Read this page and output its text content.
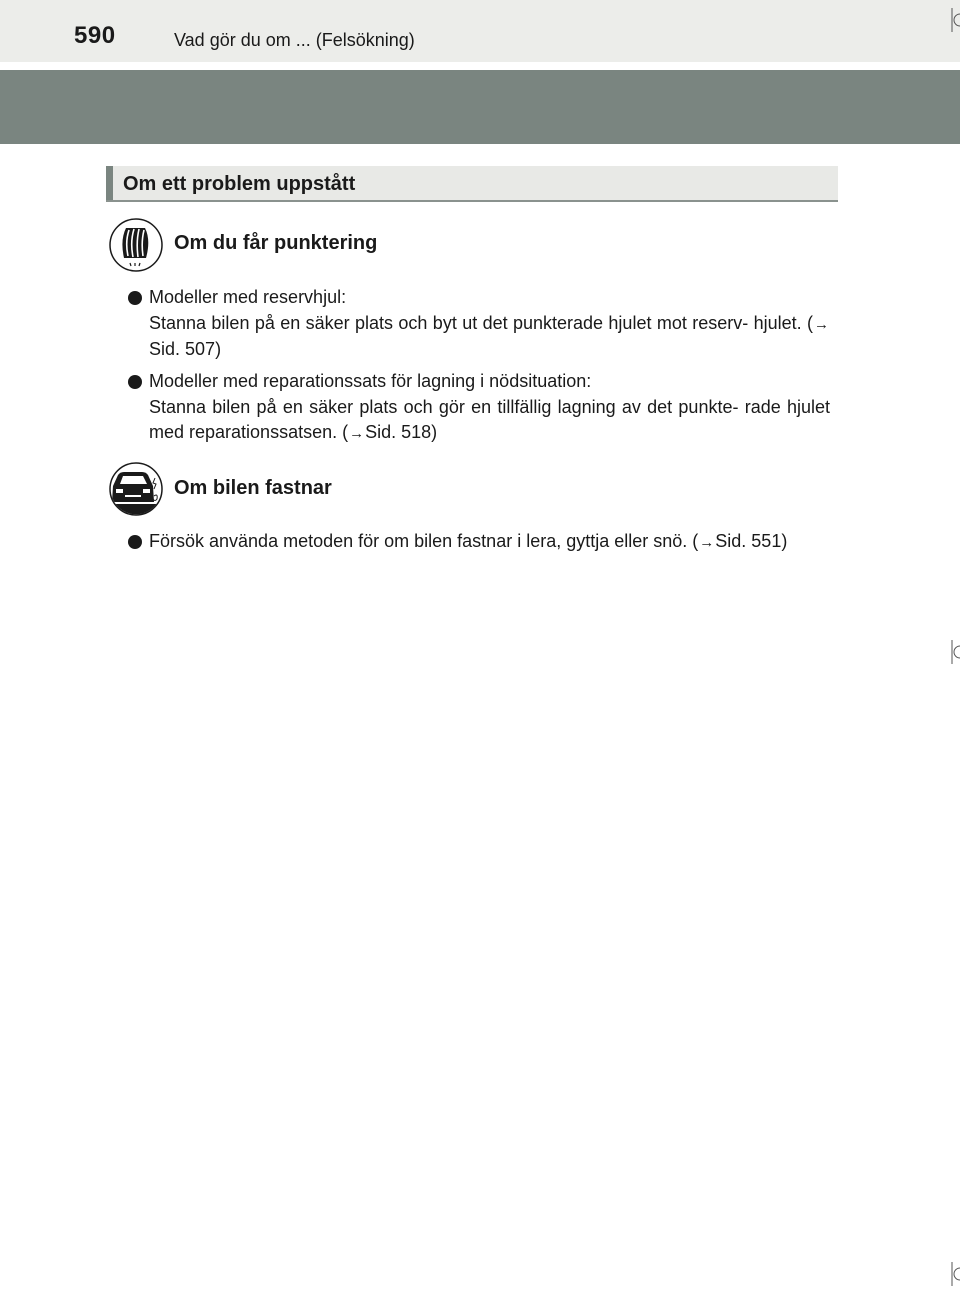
590	Vad gör du om ... (Felsökning)
Om ett problem uppstått
Om du får punktering
Modeller med reservhjul:
Stanna bilen på en säker plats och byt ut det punkterade hjulet mot reserv- hjulet. (→Sid. 507)
Modeller med reparationssats för lagning i nödsituation:
Stanna bilen på en säker plats och gör en tillfällig lagning av det punkte- rade hjulet med reparationssatsen. (→Sid. 518)
Om bilen fastnar
Försök använda metoden för om bilen fastnar i lera, gyttja eller snö. (→Sid. 551)
